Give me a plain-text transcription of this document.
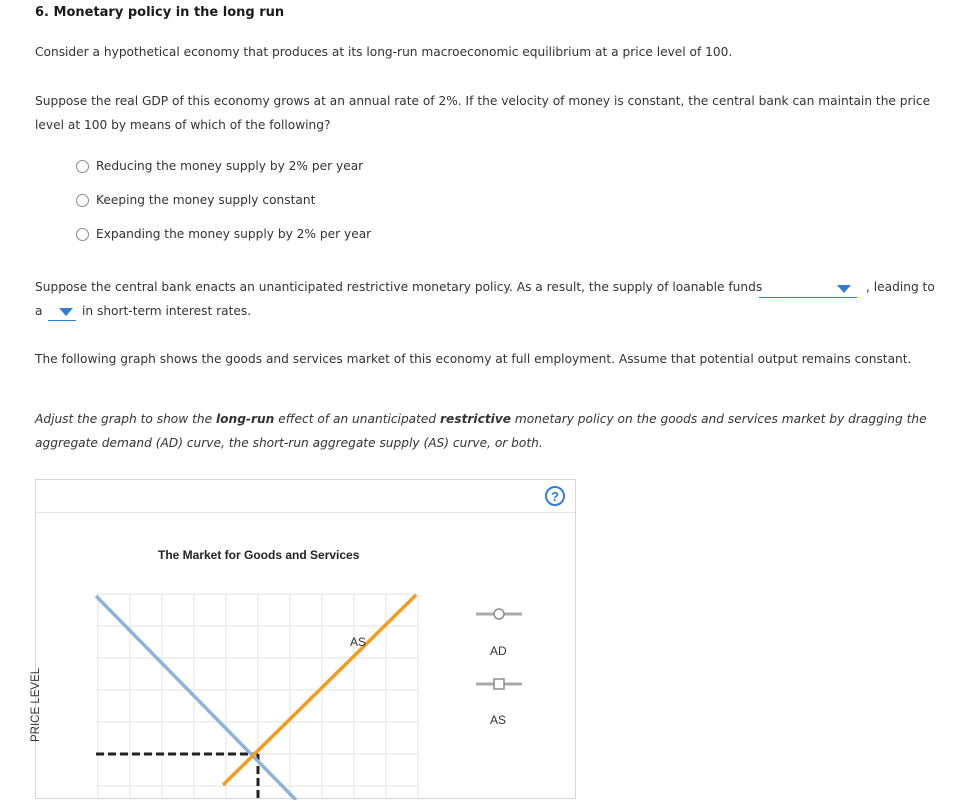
6. Monetary policy in the long run
Consider a hypothetical economy that produces at its long-run macroeconomic equilibrium at a price level of 100.
Suppose the real GDP of this economy grows at an annual rate of 2%. If the velocity of money is constant, the central bank can maintain the price
level at 100 by means of which of the following?
Reducing the money supply by 2% per year
Keeping the money supply constant
Expanding the money supply by 2% per year
Suppose the central bank enacts an unanticipated restrictive monetary policy. As a result, the supply of loanable funds	, leading to
a	in short-term interest rates.
The following graph shows the goods and services market of this economy at full employment. Assume that potential output remains constant.
Adjust the graph to show the long-run effect of an unanticipated restrictive monetary policy on the goods and services market by dragging the
aggregate demand (AD) curve, the short-run aggregate supply (AS) curve, or both.
?
The Market for Goods and Services
PRICE LEVEL
AS
AD
AS
